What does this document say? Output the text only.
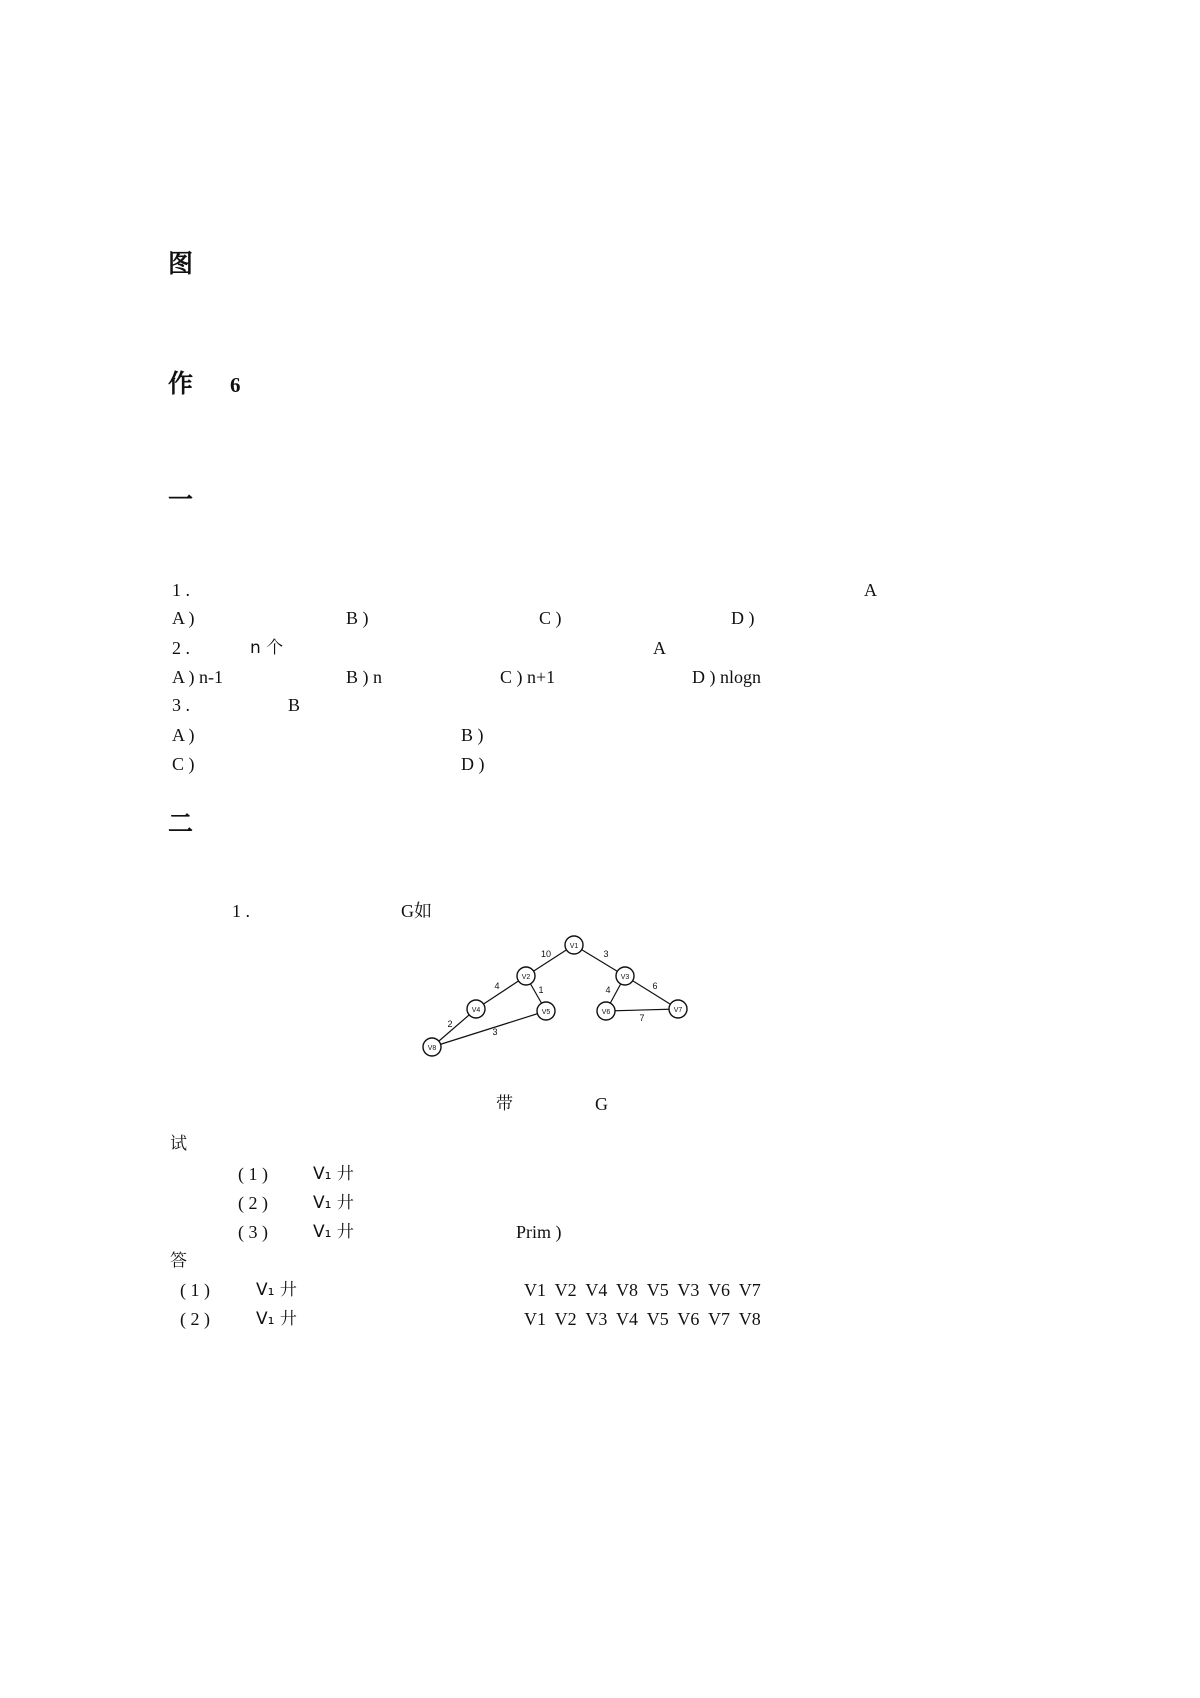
图
作 6
一
1 .	A
A )	B )	C )	D )
2 .	n 个	A
A ) n-1	B ) n	C ) n+1	D ) nlogn
3 .	B
A )	B )
C )	D )
二
1 .	G如
V1
V2	V3
V4	V5	V6	V7
V8
10	3
4	1	4	6
3
2
7
带	G
试
( 1 )	V₁ 廾
( 2 )	V₁ 廾
( 3 )	V₁ 廾	Prim )
答
( 1 )	V₁ 廾	V1  V2  V4  V8  V5  V3  V6  V7
( 2 )	V₁ 廾	V1  V2  V3  V4  V5  V6  V7  V8
